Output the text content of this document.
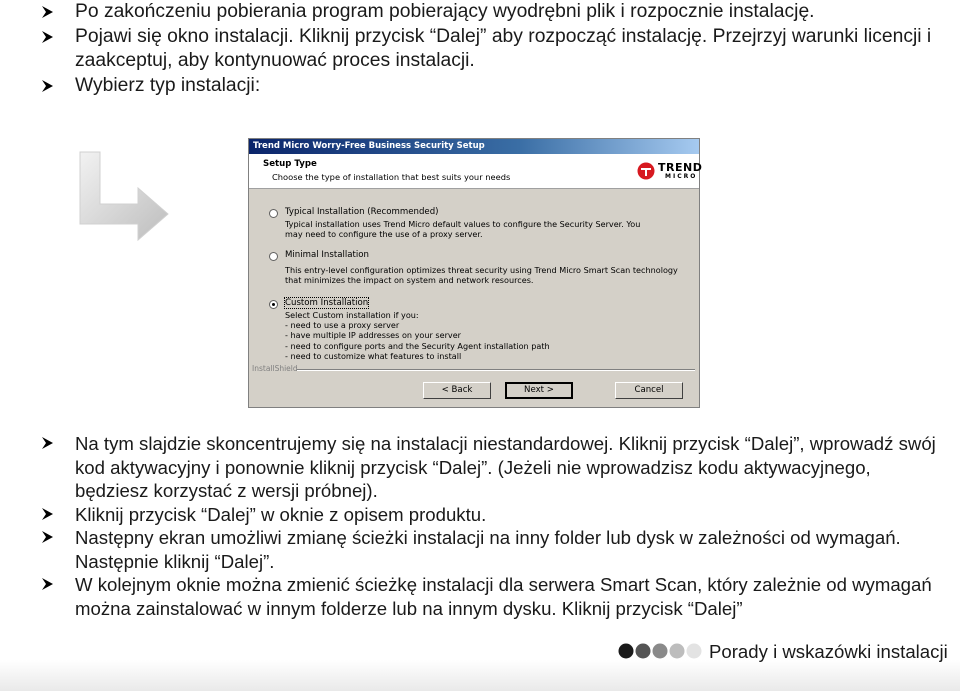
Po zakończeniu pobierania program pobierający wyodrębni plik i rozpocznie instalację.

Pojawi się okno instalacji. Kliknij przycisk “Dalej” aby rozpocząć instalację. Przejrzyj warunki licencji i zaakceptuj, aby kontynuować proces instalacji.

Wybierz typ instalacji:

Trend Micro Worry-Free Business Security Setup
Setup Type
Choose the type of installation that best suits your needs
TREND
MICRO
Typical Installation (Recommended)
Typical installation uses Trend Micro default values to configure the Security Server. You
may need to configure the use of a proxy server.
Minimal Installation
This entry-level configuration optimizes threat security using Trend Micro Smart Scan technology
that minimizes the impact on system and network resources.
Custom Installation
Select Custom installation if you:
- need to use a proxy server
- have multiple IP addresses on your server
- need to configure ports and the Security Agent installation path
- need to customize what features to install
InstallShield
< Back	Next >	Cancel

Na tym slajdzie skoncentrujemy się na instalacji niestandardowej. Kliknij przycisk “Dalej”, wprowadź swój kod aktywacyjny i ponownie kliknij przycisk “Dalej”. (Jeżeli nie wprowadzisz kodu aktywacyjnego, będziesz korzystać z wersji próbnej).

Kliknij przycisk “Dalej” w oknie z opisem produktu.

Następny ekran umożliwi zmianę ścieżki instalacji na inny folder lub dysk w zależności od wymagań. Następnie kliknij “Dalej”.

W kolejnym oknie można zmienić ścieżkę instalacji dla serwera Smart Scan, który zależnie od wymagań można zainstalować w innym folderze lub na innym dysku. Kliknij przycisk “Dalej”

Porady i wskazówki instalacji
